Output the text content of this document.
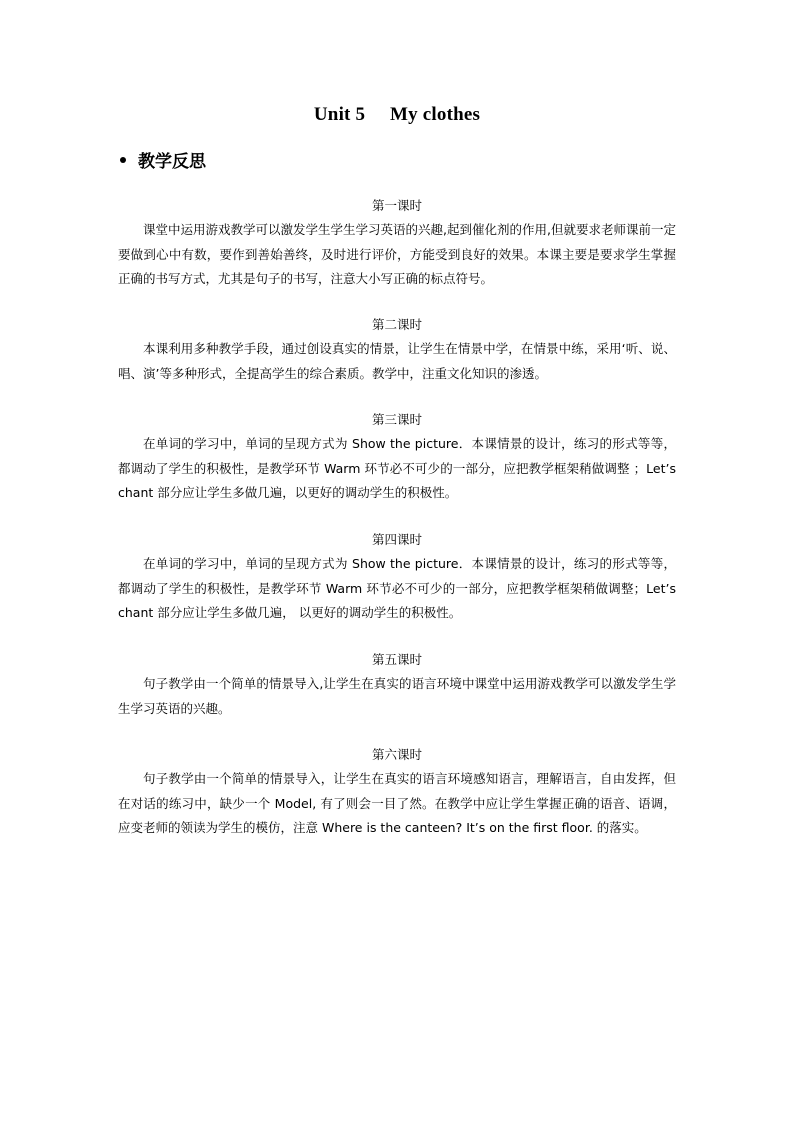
Unit 5     My clothes
教学反思
第一课时
课堂中运用游戏教学可以激发学生学生学习英语的兴趣,起到催化剂的作用,但就要求老师课前一定要做到心中有数，要作到善始善终，及时进行评价，方能受到良好的效果。本课主要是要求学生掌握正确的书写方式，尤其是句子的书写，注意大小写正确的标点符号。
第二课时
本课利用多种教学手段，通过创设真实的情景，让学生在情景中学，在情景中练，采用‘听、说、唱、演’等多种形式，全提高学生的综合素质。教学中，注重文化知识的渗透。
第三课时
在单词的学习中，单词的呈现方式为 Show the picture．本课情景的设计，练习的形式等等，都调动了学生的积极性，是教学环节 Warm 环节必不可少的一部分，应把教学框架稍做调整 ；Let’s chant 部分应让学生多做几遍，以更好的调动学生的积极性。
第四课时
在单词的学习中，单词的呈现方式为 Show the picture．本课情景的设计，练习的形式等等，都调动了学生的积极性，是教学环节 Warm 环节必不可少的一部分，应把教学框架稍做调整；Let’s chant 部分应让学生多做几遍， 以更好的调动学生的积极性。
第五课时
句子教学由一个简单的情景导入,让学生在真实的语言环境中课堂中运用游戏教学可以激发学生学生学习英语的兴趣。
第六课时
句子教学由一个简单的情景导入，让学生在真实的语言环境感知语言，理解语言，自由发挥，但在对话的练习中，缺少一个 Model, 有了则会一目了然。在教学中应让学生掌握正确的语音、语调，应变老师的领读为学生的模仿，注意 Where is the canteen? It’s on the first floor. 的落实。
